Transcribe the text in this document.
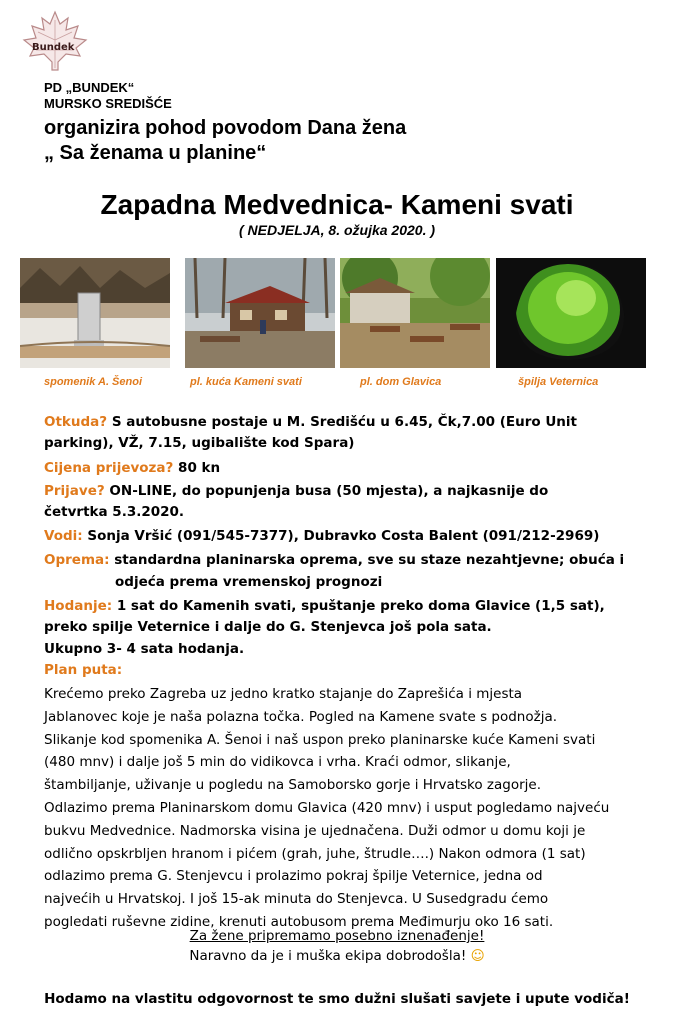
Bundek
PD „BUNDEK“
MURSKO SREDIŠĆE
organizira pohod povodom Dana žena
„ Sa ženama u planine“
Zapadna Medvednica- Kameni svati
( NEDJELJA, 8. ožujka 2020. )
spomenik A. Šenoi	pl. kuća Kameni svati	pl. dom Glavica	špilja Veternica
Otkuda? S autobusne postaje u M. Središću u 6.45, Čk,7.00 (Euro Unit
parking), VŽ, 7.15, ugibalište kod Spara)
Cijena prijevoza? 80 kn
Prijave? ON-LINE, do popunjenja busa (50 mjesta), a najkasnije do
četvrtka 5.3.2020.
Vodi: Sonja Vršić (091/545-7377), Dubravko Costa Balent (091/212-2969)
Oprema: standardna planinarska oprema, sve su staze nezahtjevne; obuća i
odjeća prema vremenskoj prognozi
Hodanje: 1 sat do Kamenih svati, spuštanje preko doma Glavice (1,5 sat),
preko spilje Veternice i dalje do G. Stenjevca još pola sata.
Ukupno 3- 4 sata hodanja.
Plan puta:
Krećemo preko Zagreba uz jedno kratko stajanje do Zaprešića i mjesta
Jablanovec koje je naša polazna točka. Pogled na Kamene svate s podnožja.
Slikanje kod spomenika A. Šenoi i naš uspon preko planinarske kuće Kameni svati
(480 mnv) i dalje još 5 min do vidikovca i vrha. Kraći odmor, slikanje,
štambiljanje, uživanje u pogledu na Samoborsko gorje i Hrvatsko zagorje.
Odlazimo prema Planinarskom domu Glavica (420 mnv) i usput pogledamo najveću
bukvu Medvednice. Nadmorska visina je ujednačena. Duži odmor u domu koji je
odlično opskrbljen hranom i pićem (grah, juhe, štrudle….) Nakon odmora (1 sat)
odlazimo prema G. Stenjevcu i prolazimo pokraj špilje Veternice, jedna od
najvećih u Hrvatskoj. I još 15-ak minuta do Stenjevca. U Susedgradu ćemo
pogledati ruševne zidine, krenuti autobusom prema Međimurju oko 16 sati.
Za žene pripremamo posebno iznenađenje!
Naravno da je i muška ekipa dobrodošla! ☺
Hodamo na vlastitu odgovornost te smo dužni slušati savjete i upute vodiča!
